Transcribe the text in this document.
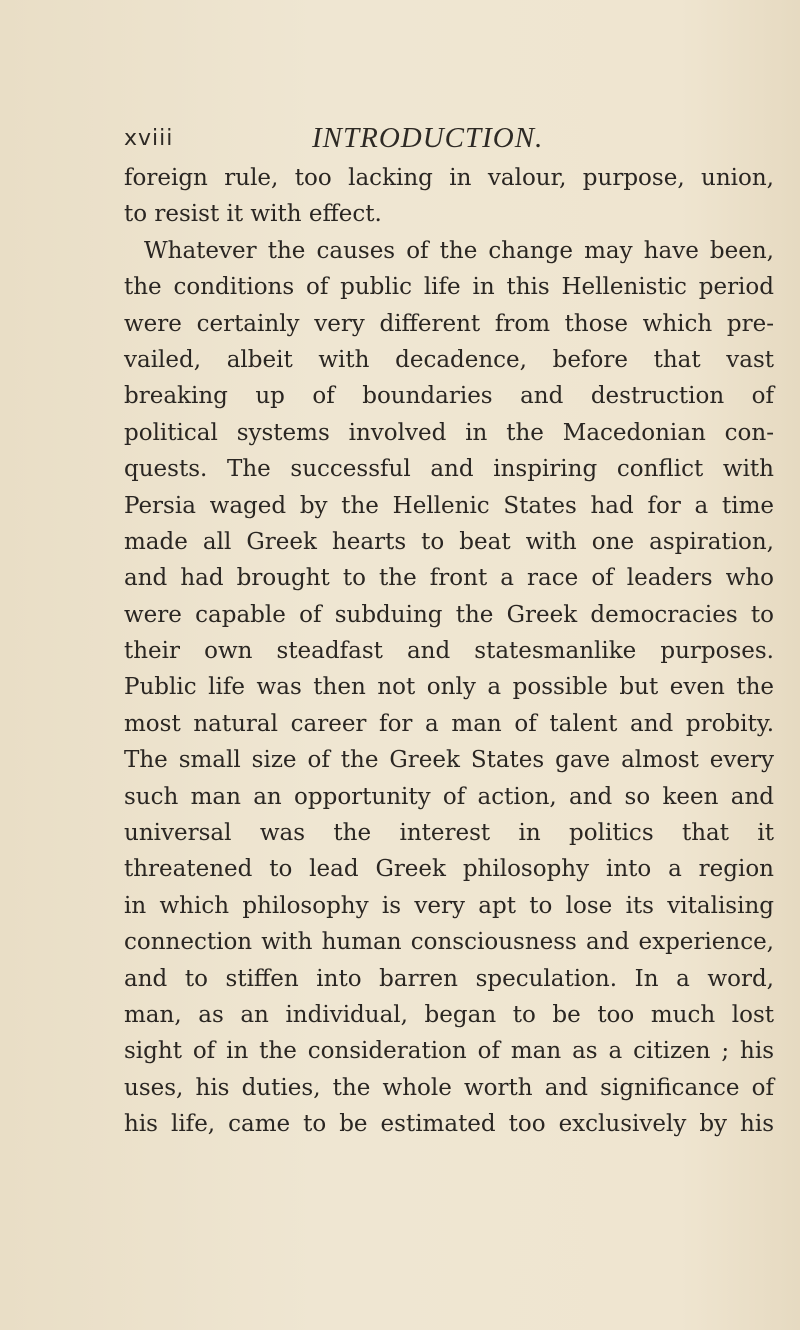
xviii	INTRODUCTION.
foreign rule, too lacking in valour, purpose, union,
to resist it with effect.
Whatever the causes of the change may have been,
the conditions of public life in this Hellenistic period
were certainly very different from those which pre-
vailed, albeit with decadence, before that vast
breaking up of boundaries and destruction of
political systems involved in the Macedonian con-
quests. The successful and inspiring conflict with
Persia waged by the Hellenic States had for a time
made all Greek hearts to beat with one aspiration,
and had brought to the front a race of leaders who
were capable of subduing the Greek democracies to
their own steadfast and statesmanlike purposes.
Public life was then not only a possible but even the
most natural career for a man of talent and probity.
The small size of the Greek States gave almost every
such man an opportunity of action, and so keen and
universal was the interest in politics that it
threatened to lead Greek philosophy into a region
in which philosophy is very apt to lose its vitalising
connection with human consciousness and experience,
and to stiffen into barren speculation. In a word,
man, as an individual, began to be too much lost
sight of in the consideration of man as a citizen ; his
uses, his duties, the whole worth and significance of
his life, came to be estimated too exclusively by his
